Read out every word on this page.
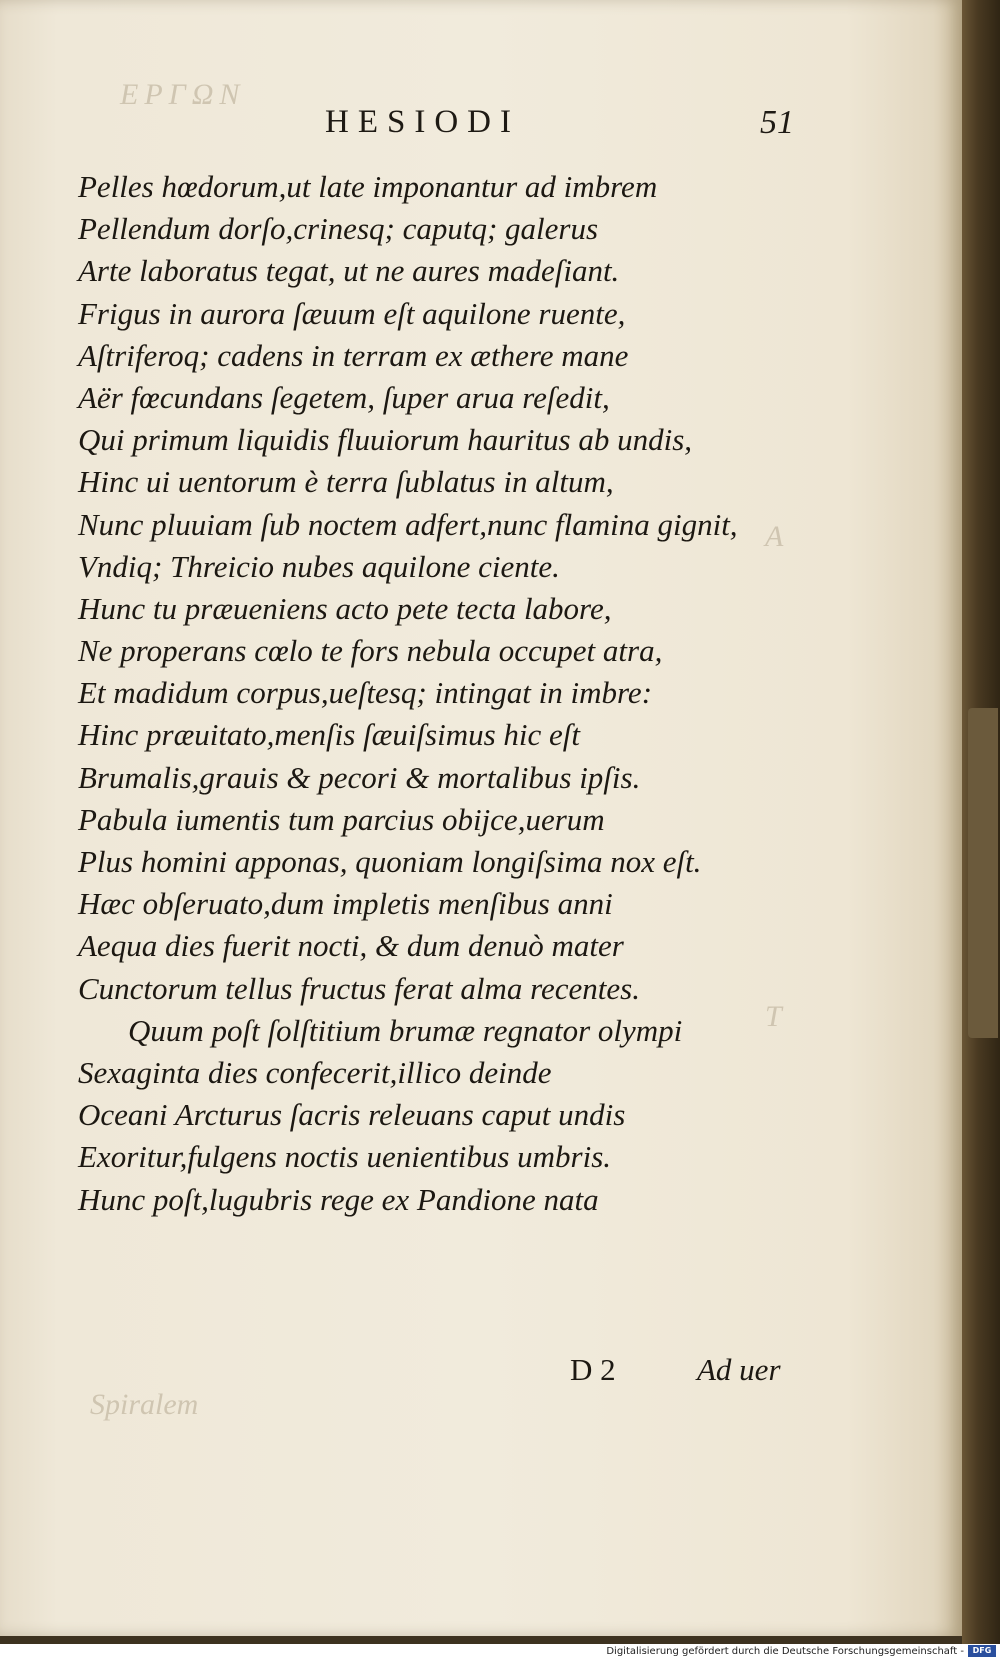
ΕΡΓΩΝ
Spiralem
A
T
HESIODI	51
Pelles hœdorum,ut late imponantur ad imbrem
Pellendum dorſo,crinesq; caputq; galerus
Arte laboratus tegat, ut ne aures madeſiant.
Frigus in aurora ſæuum eſt aquilone ruente,
Aſtriferoq; cadens in terram ex æthere mane
Aër fœcundans ſegetem, ſuper arua reſedit,
Qui primum liquidis fluuiorum hauritus ab undis,
Hinc ui uentorum è terra ſublatus in altum,
Nunc pluuiam ſub noctem adfert,nunc flamina gignit,
Vndiq; Threicio nubes aquilone ciente.
Hunc tu præueniens acto pete tecta labore,
Ne properans cœlo te fors nebula occupet atra,
Et madidum corpus,ueſtesq; intingat in imbre:
Hinc præuitato,menſis ſæuiſsimus hic eſt
Brumalis,grauis & pecori & mortalibus ipſis.
Pabula iumentis tum parcius obijce,uerum
Plus homini apponas, quoniam longiſsima nox eſt.
Hæc obſeruato,dum impletis menſibus anni
Aequa dies fuerit nocti, & dum denuò mater
Cunctorum tellus fructus ferat alma recentes.
Quum poſt ſolſtitium brumæ regnator olympi
Sexaginta dies confecerit,illico deinde
Oceani Arcturus ſacris releuans caput undis
Exoritur,fulgens noctis uenientibus umbris.
Hunc poſt,lugubris rege ex Pandione nata
D 2	Ad uer
Digitalisierung gefördert durch die Deutsche Forschungsgemeinschaft -	DFG
